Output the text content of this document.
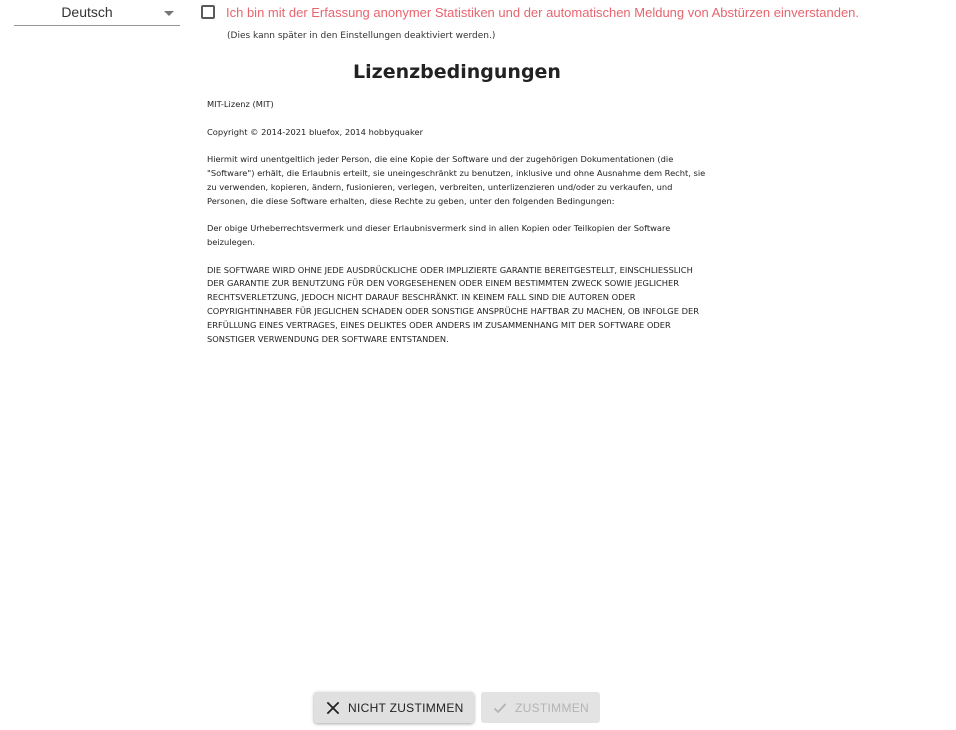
Deutsch	Ich bin mit der Erfassung anonymer Statistiken und der automatischen Meldung von Abstürzen einverstanden.
(Dies kann später in den Einstellungen deaktiviert werden.)
Lizenzbedingungen

MIT-Lizenz (MIT)

Copyright © 2014-2021 bluefox, 2014 hobbyquaker

Hiermit wird unentgeltlich jeder Person, die eine Kopie der Software und der zugehörigen Dokumentationen (die "Software") erhält, die Erlaubnis erteilt, sie uneingeschränkt zu benutzen, inklusive und ohne Ausnahme dem Recht, sie zu verwenden, kopieren, ändern, fusionieren, verlegen, verbreiten, unterlizenzieren und/oder zu verkaufen, und Personen, die diese Software erhalten, diese Rechte zu geben, unter den folgenden Bedingungen:

Der obige Urheberrechtsvermerk und dieser Erlaubnisvermerk sind in allen Kopien oder Teilkopien der Software beizulegen.

DIE SOFTWARE WIRD OHNE JEDE AUSDRÜCKLICHE ODER IMPLIZIERTE GARANTIE BEREITGESTELLT, EINSCHLIESSLICH DER GARANTIE ZUR BENUTZUNG FÜR DEN VORGESEHENEN ODER EINEM BESTIMMTEN ZWECK SOWIE JEGLICHER RECHTSVERLETZUNG, JEDOCH NICHT DARAUF BESCHRÄNKT. IN KEINEM FALL SIND DIE AUTOREN ODER COPYRIGHTINHABER FÜR JEGLICHEN SCHADEN ODER SONSTIGE ANSPRÜCHE HAFTBAR ZU MACHEN, OB INFOLGE DER ERFÜLLUNG EINES VERTRAGES, EINES DELIKTES ODER ANDERS IM ZUSAMMENHANG MIT DER SOFTWARE ODER SONSTIGER VERWENDUNG DER SOFTWARE ENTSTANDEN.

NICHT ZUSTIMMEN	ZUSTIMMEN
